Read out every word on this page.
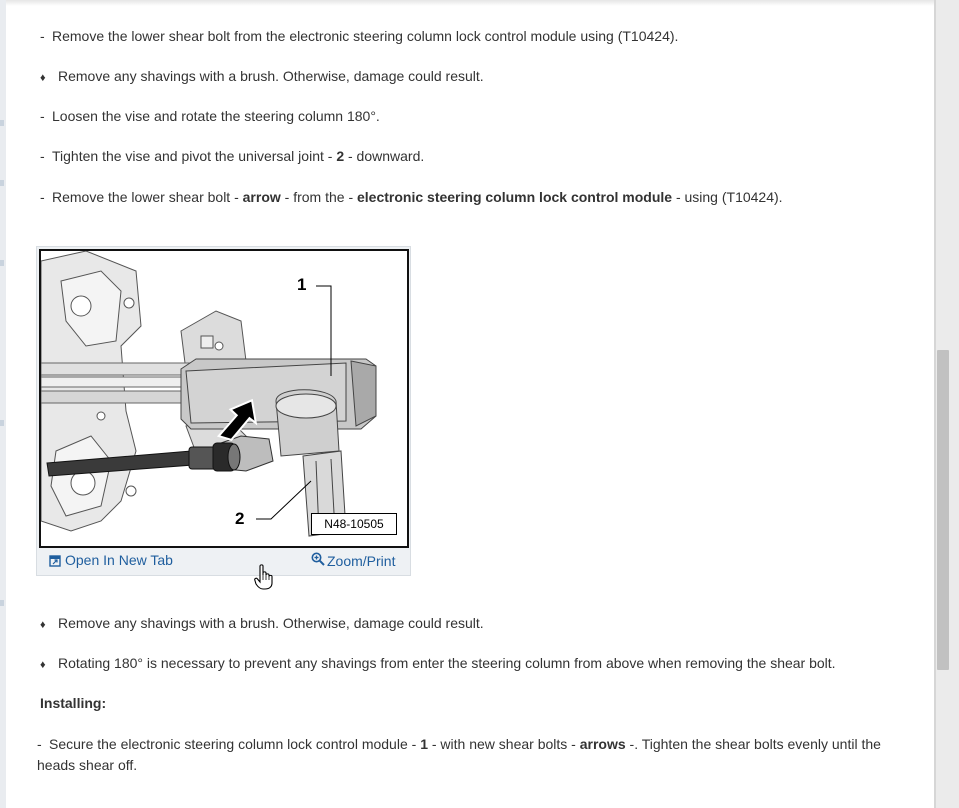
- Remove the lower shear bolt from the electronic steering column lock control module using (T10424).
♦ Remove any shavings with a brush. Otherwise, damage could result.
- Loosen the vise and rotate the steering column 180°.
- Tighten the vise and pivot the universal joint - 2 - downward.
- Remove the lower shear bolt - arrow - from the - electronic steering column lock control module - using (T10424).
1
2	N48-10505
Open In New Tab	Zoom/Print
♦ Remove any shavings with a brush. Otherwise, damage could result.
♦ Rotating 180° is necessary to prevent any shavings from enter the steering column from above when removing the shear bolt.
Installing:
- Secure the electronic steering column lock control module - 1 - with new shear bolts - arrows -. Tighten the shear bolts evenly until the heads shear off.
